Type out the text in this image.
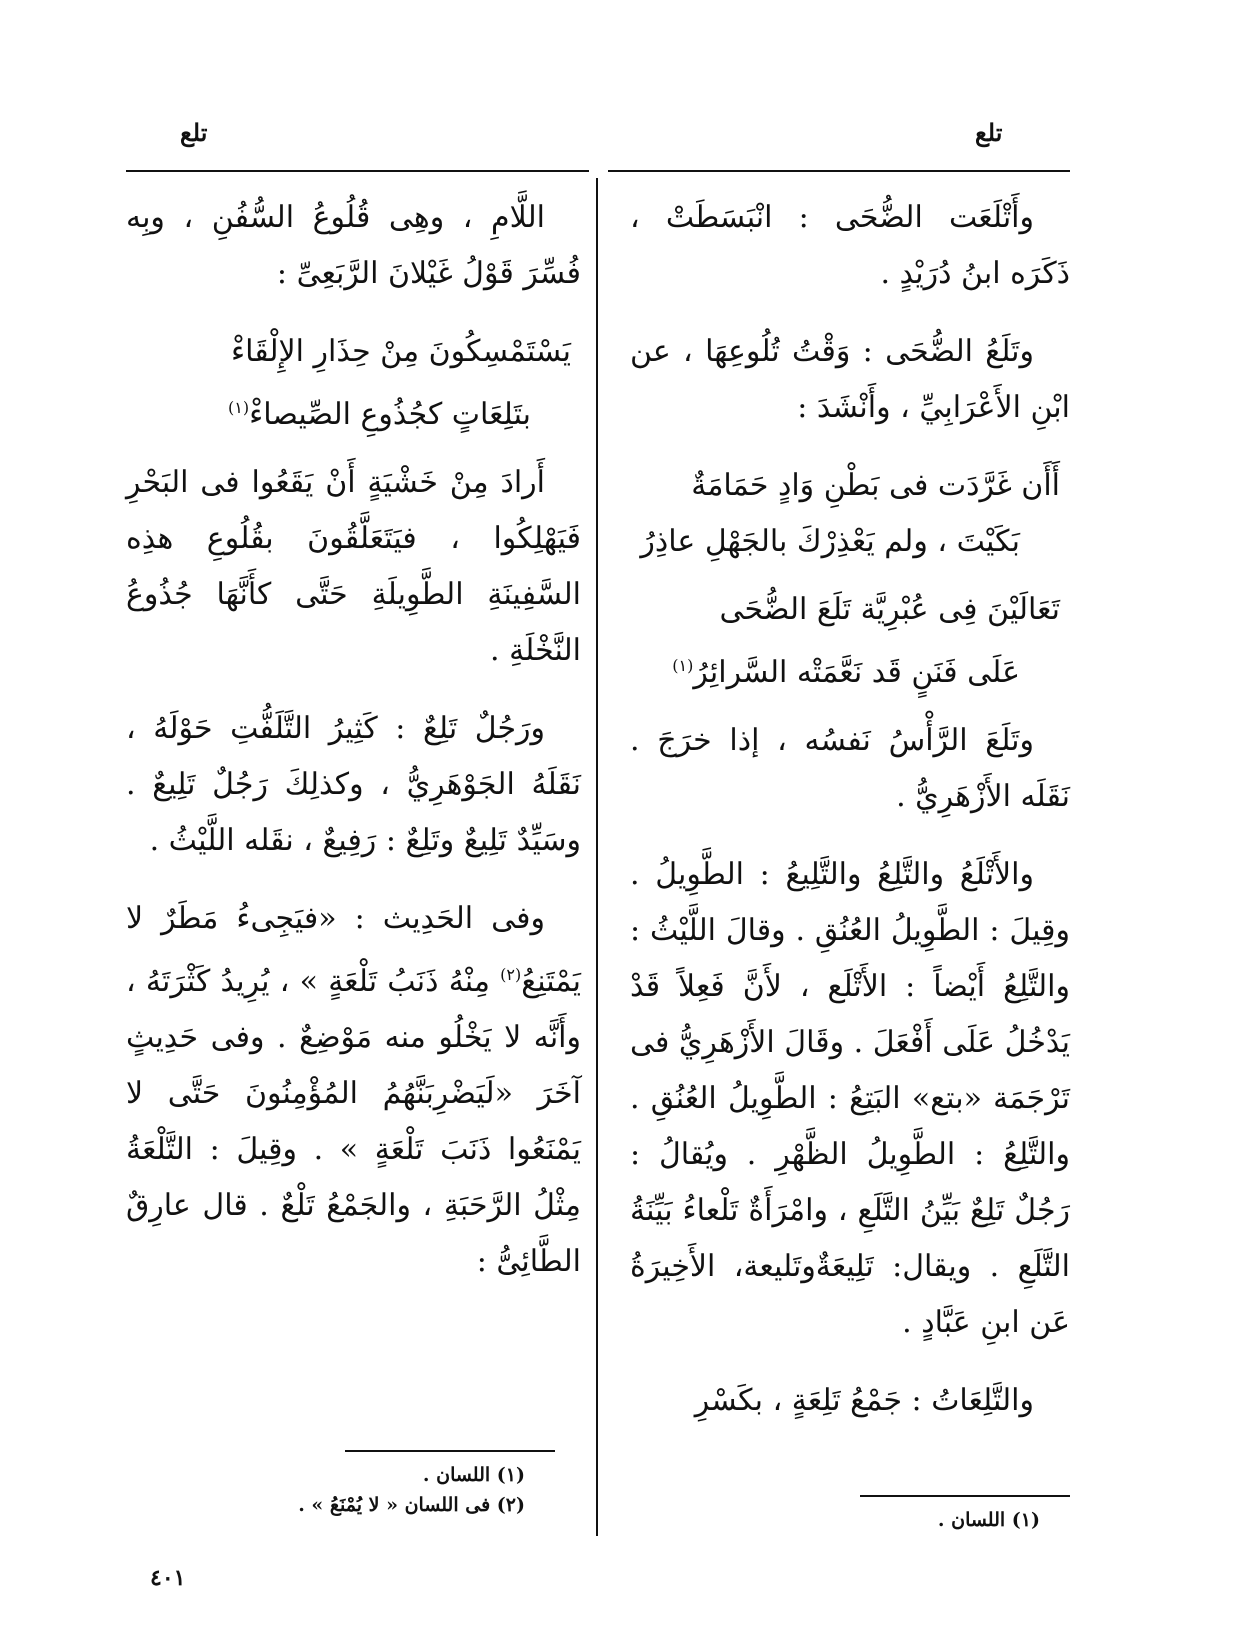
تلع
تلع

وأَتْلَعَت الضُّحَى : انْبَسَطَتْ ، ذَكَرَه ابنُ دُرَيْدٍ .

وتَلَعُ الضُّحَى : وَقْتُ تُلُوعِهَا ، عن ابْنِ الأَعْرَابِيِّ ، وأَنْشَدَ :

أَأَن غَرَّدَت فى بَطْنِ وَادٍ حَمَامَةٌ
بَكَيْتَ ، ولم يَعْذِرْكَ بالجَهْلِ عاذِرُ
تَعَالَيْنَ فِى عُبْرِيَّة تَلَعَ الضُّحَى
عَلَى فَنَنٍ قَد نَعَّمَتْه السَّرائِرُ$^{(١)}$

وتَلَعَ الرَّأْسُ نَفسُه ، إذا خرَجَ . نَقَلَه الأَزْهَرِيُّ .

والأَتْلَعُ والتَّلِعُ والتَّلِيعُ : الطَّوِيلُ . وقِيلَ : الطَّوِيلُ العُنُقِ . وقالَ اللَّيْثُ : والتَّلِعُ أَيْضاً : الأَتْلَع ، لأَنَّ فَعِلاً قَدْ يَدْخُلُ عَلَى أَفْعَلَ . وقَالَ الأَزْهَرِيُّ فى تَرْجَمَة «بتع» البَتِعُ : الطَّوِيلُ العُنُقِ . والتَّلِعُ : الطَّوِيلُ الظَّهْرِ . ويُقالُ : رَجُلٌ تَلِعٌ بَيِّنُ التَّلَعِ ، وامْرَأَةٌ تَلْعاءُ بَيِّنَةُ التَّلَعِ . ويقال: تَلِيعَةٌوتَليعة، الأَخِيرَةُ عَن ابنِ عَبَّادٍ .

والتَّلِعَاتُ : جَمْعُ تَلِعَةٍ ، بكَسْرِ

اللَّامِ ، وهِى قُلُوعُ السُّفُنِ ، وبِه فُسِّرَ قَوْلُ غَيْلانَ الرَّبَعِىِّ :

يَسْتَمْسِكُونَ مِنْ حِذَارِ الإِلْقَاءْ
بتَلِعَاتٍ كجُذُوعِ الصِّيصاءْ$^{(١)}$

أَرادَ مِنْ خَشْيَةٍ أَنْ يَقَعُوا فى البَحْرِ فَيَهْلِكُوا ، فيَتَعَلَّقُونَ بقُلُوعِ هذِه السَّفِينَةِ الطَّوِيلَةِ حَتَّى كأَنَّهَا جُذُوعُ النَّخْلَةِ .

ورَجُلٌ تَلِعٌ : كَثِيرُ التَّلَفُّتِ حَوْلَهُ ، نَقَلَهُ الجَوْهَرِيُّ ، وكذلِكَ رَجُلٌ تَلِيعٌ . وسَيِّدٌ تَلِيعٌ وتَلِعٌ : رَفِيعٌ ، نقَله اللَّيْثُ .

وفى الحَدِيث : «فيَجِىءُ مَطَرٌ لا يَمْتَنِعُ$^{(٢)}$ مِنْهُ ذَنَبُ تَلْعَةٍ » ، يُرِيدُ كَثْرَتَهُ ، وأَنَّه لا يَخْلُو منه مَوْضِعٌ . وفى حَدِيثٍ آخَرَ «لَيَضْرِبَنَّهُمُ المُؤْمِنُونَ حَتَّى لا يَمْنَعُوا ذَنَبَ تَلْعَةٍ » . وقِيلَ : التَّلْعَةُ مِثْلُ الرَّحَبَةِ ، والجَمْعُ تَلْعٌ . قال عارِقٌ الطَّائِىُّ :

(١) اللسان .
(١) اللسان .
(٢) فى اللسان « لا يُمْنَعُ » .
٤٠١
